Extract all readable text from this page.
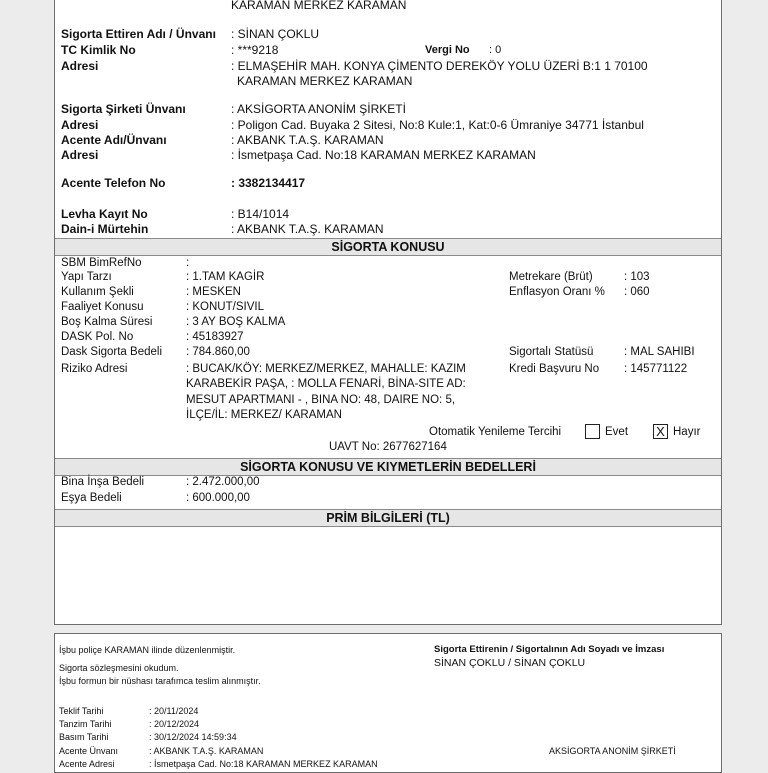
KARAMAN MERKEZ KARAMAN
Sigorta Ettiren Adı / Ünvanı : SİNAN ÇOKLU
TC Kimlik No	: ***9218	Vergi No : 0
Adresi	: ELMAŞEHİR MAH. KONYA ÇİMENTO DEREKÖY YOLU ÜZERİ B:1 1 70100
KARAMAN MERKEZ KARAMAN
Sigorta Şirketi Ünvanı	: AKSİGORTA ANONİM ŞİRKETİ
Adresi	: Poligon Cad. Buyaka 2 Sitesi, No:8 Kule:1, Kat:0-6 Ümraniye 34771 İstanbul
Acente Adı/Ünvanı	: AKBANK T.A.Ş. KARAMAN
Adresi	: İsmetpaşa Cad. No:18 KARAMAN MERKEZ KARAMAN
Acente Telefon No	: 3382134417
Levha Kayıt No	: B14/1014
Dain-i Mürtehin	: AKBANK T.A.Ş. KARAMAN
SİGORTA KONUSU
SBM BimRefNo	:
Yapı Tarzı	: 1.TAM KAGİR
Kullanım Şekli	: MESKEN
Faaliyet Konusu	: KONUT/SIVIL
Boş Kalma Süresi	: 3 AY BOŞ KALMA
DASK Pol. No	: 45183927
Dask Sigorta Bedeli : 784.860,00
Riziko Adresi	: BUCAK/KÖY: MERKEZ/MERKEZ, MAHALLE: KAZIM
KARABEKİR PAŞA, : MOLLA FENARİ, BİNA-SITE AD:
MESUT APARTMANI - , BINA NO: 48, DAIRE NO: 5,
İLÇE/İL: MERKEZ/ KARAMAN
Metrekare (Brüt)	: 103
Enflasyon Oranı % : 060
Sigortalı Statüsü	: MAL SAHIBI
Kredi Başvuru No : 145771122
Otomatik Yenileme Tercihi	Evet X Hayır
UAVT No: 2677627164
SİGORTA KONUSU VE KIYMETLERİN BEDELLERİ
Bina İnşa Bedeli	: 2.472.000,00
Eşya Bedeli	: 600.000,00
PRİM BİLGİLERİ (TL)
İşbu poliçe KARAMAN ilinde düzenlenmiştir.
Sigorta sözleşmesini okudum.
İşbu formun bir nüshası tarafımca teslim alınmıştır.
Sigorta Ettirenin / Sigortalının Adı Soyadı ve İmzası
SİNAN ÇOKLU / SİNAN ÇOKLU
Teklif Tarihi	: 20/11/2024
Tanzim Tarihi	: 20/12/2024
Basım Tarihi	: 30/12/2024 14:59:34
Acente Ünvanı	: AKBANK T.A.Ş. KARAMAN
Acente Adresi	: İsmetpaşa Cad. No:18 KARAMAN MERKEZ KARAMAN
AKSİGORTA ANONİM ŞİRKETİ
